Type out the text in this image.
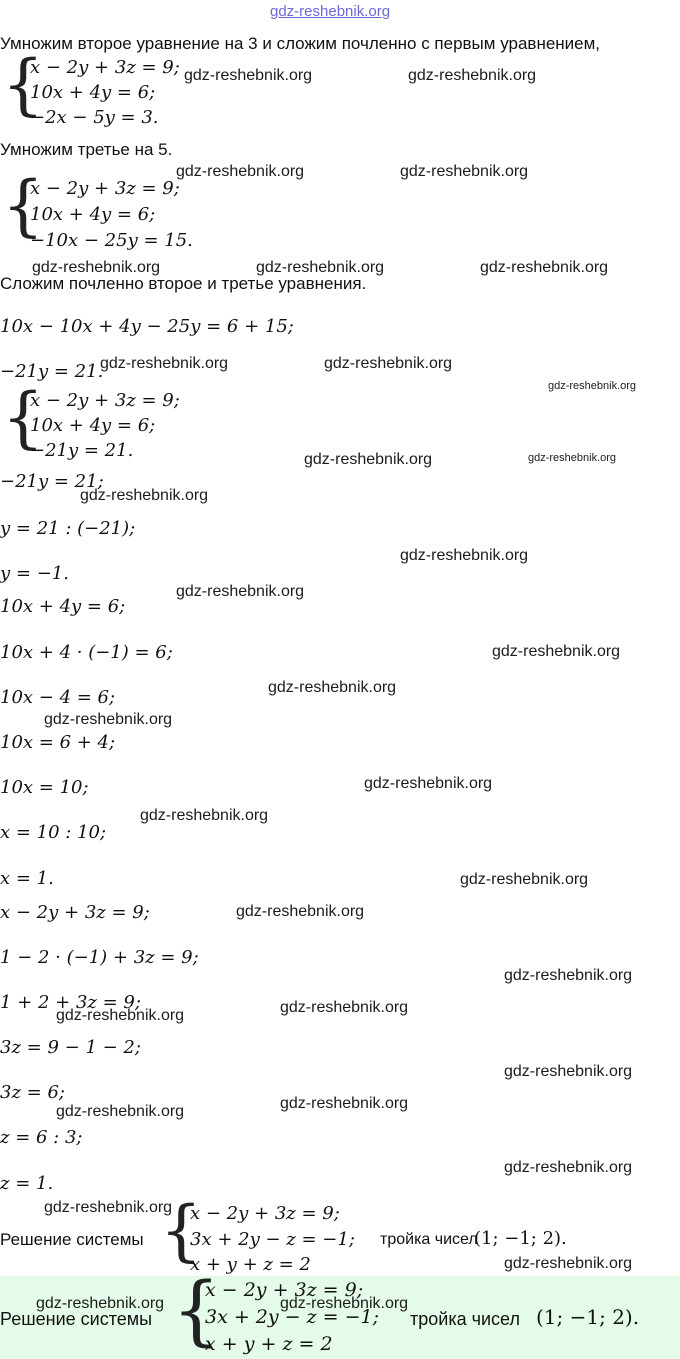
gdz-reshebnik.org
Умножим второе уравнение на 3 и сложим почленно с первым уравнением,
{
x − 2y + 3z = 9;
10x + 4y = 6;
−2x − 5y = 3.
Умножим третье на 5.
{
x − 2y + 3z = 9;
10x + 4y = 6;
−10x − 25y = 15.
Сложим почленно второе и третье уравнения.
10x − 10x + 4y − 25y = 6 + 15;
−21y = 21.
{
x − 2y + 3z = 9;
10x + 4y = 6;
−21y = 21.
−21y = 21;
y = 21 : (−21);
y = −1.
10x + 4y = 6;
10x + 4 · (−1) = 6;
10x − 4 = 6;
10x = 6 + 4;
10x = 10;
x = 10 : 10;
x = 1.
x − 2y + 3z = 9;
1 − 2 · (−1) + 3z = 9;
1 + 2 + 3z = 9;
3z = 9 − 1 − 2;
3z = 6;
z = 6 : 3;
z = 1.
Решение системы {
x − 2y + 3z = 9;
3x + 2y − z = −1;
x + y + z = 2
тройка чисел
(1; −1; 2).
Решение системы {
x − 2y + 3z = 9;
3x + 2y − z = −1;
x + y + z = 2
тройка чисел (1; −1; 2).
gdz-reshebnik.org	gdz-reshebnik.org
gdz-reshebnik.org	gdz-reshebnik.org
gdz-reshebnik.org	gdz-reshebnik.org	gdz-reshebnik.org
gdz-reshebnik.org	gdz-reshebnik.org
gdz-reshebnik.org
gdz-reshebnik.org	gdz-reshebnik.org
gdz-reshebnik.org
gdz-reshebnik.org
gdz-reshebnik.org
gdz-reshebnik.org
gdz-reshebnik.org
gdz-reshebnik.org
gdz-reshebnik.org
gdz-reshebnik.org
gdz-reshebnik.org
gdz-reshebnik.org
gdz-reshebnik.org
gdz-reshebnik.org
gdz-reshebnik.org
gdz-reshebnik.org
gdz-reshebnik.org
gdz-reshebnik.org
gdz-reshebnik.org
gdz-reshebnik.org
gdz-reshebnik.org
gdz-reshebnik.org	gdz-reshebnik.org
